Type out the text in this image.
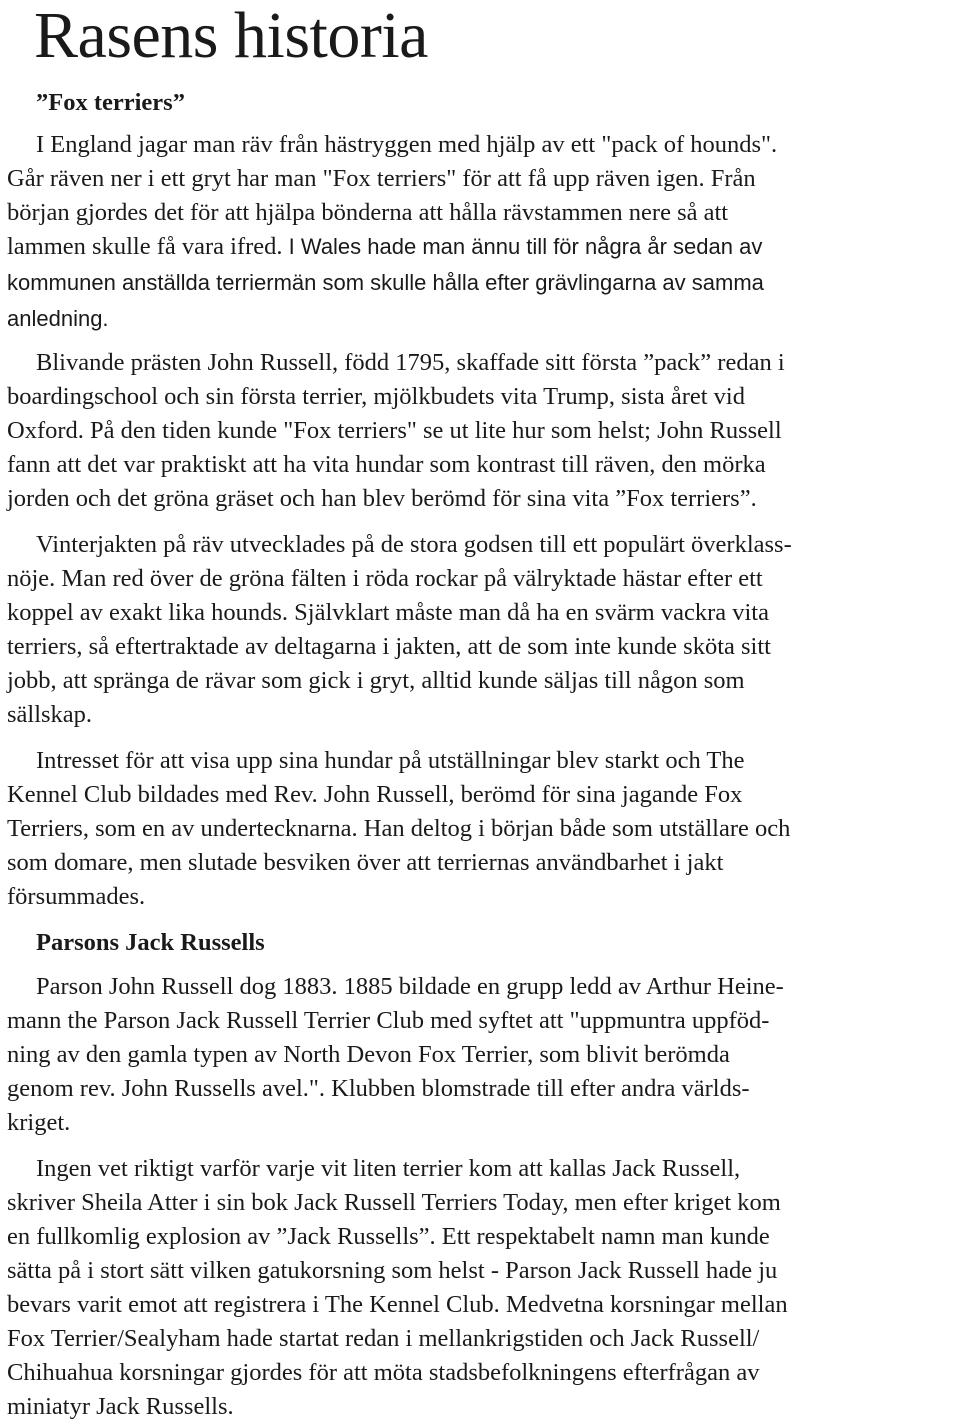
Rasens historia
”Fox terriers”
I England jagar man räv från hästryggen med hjälp av ett "pack of hounds".
Går räven ner i ett gryt har man "Fox terriers" för att få upp räven igen. Från
början gjordes det för att hjälpa bönderna att hålla rävstammen nere så att
lammen skulle få vara ifred. I Wales hade man ännu till för några år sedan av
kommunen anställda terriermän som skulle hålla efter grävlingarna av samma
anledning.
Blivande prästen John Russell, född 1795, skaffade sitt första ”pack” redan i
boardingschool och sin första terrier, mjölkbudets vita Trump, sista året vid
Oxford. På den tiden kunde "Fox terriers" se ut lite hur som helst; John Russell
fann att det var praktiskt att ha vita hundar som kontrast till räven, den mörka
jorden och det gröna gräset och han blev berömd för sina vita ”Fox terriers”.
Vinterjakten på räv utvecklades på de stora godsen till ett populärt överklass-
nöje. Man red över de gröna fälten i röda rockar på välryktade hästar efter ett
koppel av exakt lika hounds. Självklart måste man då ha en svärm vackra vita
terriers, så eftertraktade av deltagarna i jakten, att de som inte kunde sköta sitt
jobb, att spränga de rävar som gick i gryt, alltid kunde säljas till någon som
sällskap.
Intresset för att visa upp sina hundar på utställningar blev starkt och The
Kennel Club bildades med Rev. John Russell, berömd för sina jagande Fox
Terriers, som en av undertecknarna. Han deltog i början både som utställare och
som domare, men slutade besviken över att terriernas användbarhet i jakt
försummades.
Parsons Jack Russells
Parson John Russell dog 1883. 1885 bildade en grupp ledd av Arthur Heine-
mann the Parson Jack Russell Terrier Club med syftet att "uppmuntra uppföd-
ning av den gamla typen av North Devon Fox Terrier, som blivit berömda
genom rev. John Russells avel.". Klubben blomstrade till efter andra världs-
kriget.
Ingen vet riktigt varför varje vit liten terrier kom att kallas Jack Russell,
skriver Sheila Atter i sin bok Jack Russell Terriers Today, men efter kriget kom
en fullkomlig explosion av ”Jack Russells”. Ett respektabelt namn man kunde
sätta på i stort sätt vilken gatukorsning som helst - Parson Jack Russell hade ju
bevars varit emot att registrera i The Kennel Club. Medvetna korsningar mellan
Fox Terrier/Sealyham hade startat redan i mellankrigstiden och Jack Russell/
Chihuahua korsningar gjordes för att möta stadsbefolkningens efterfrågan av
miniatyr Jack Russells.
